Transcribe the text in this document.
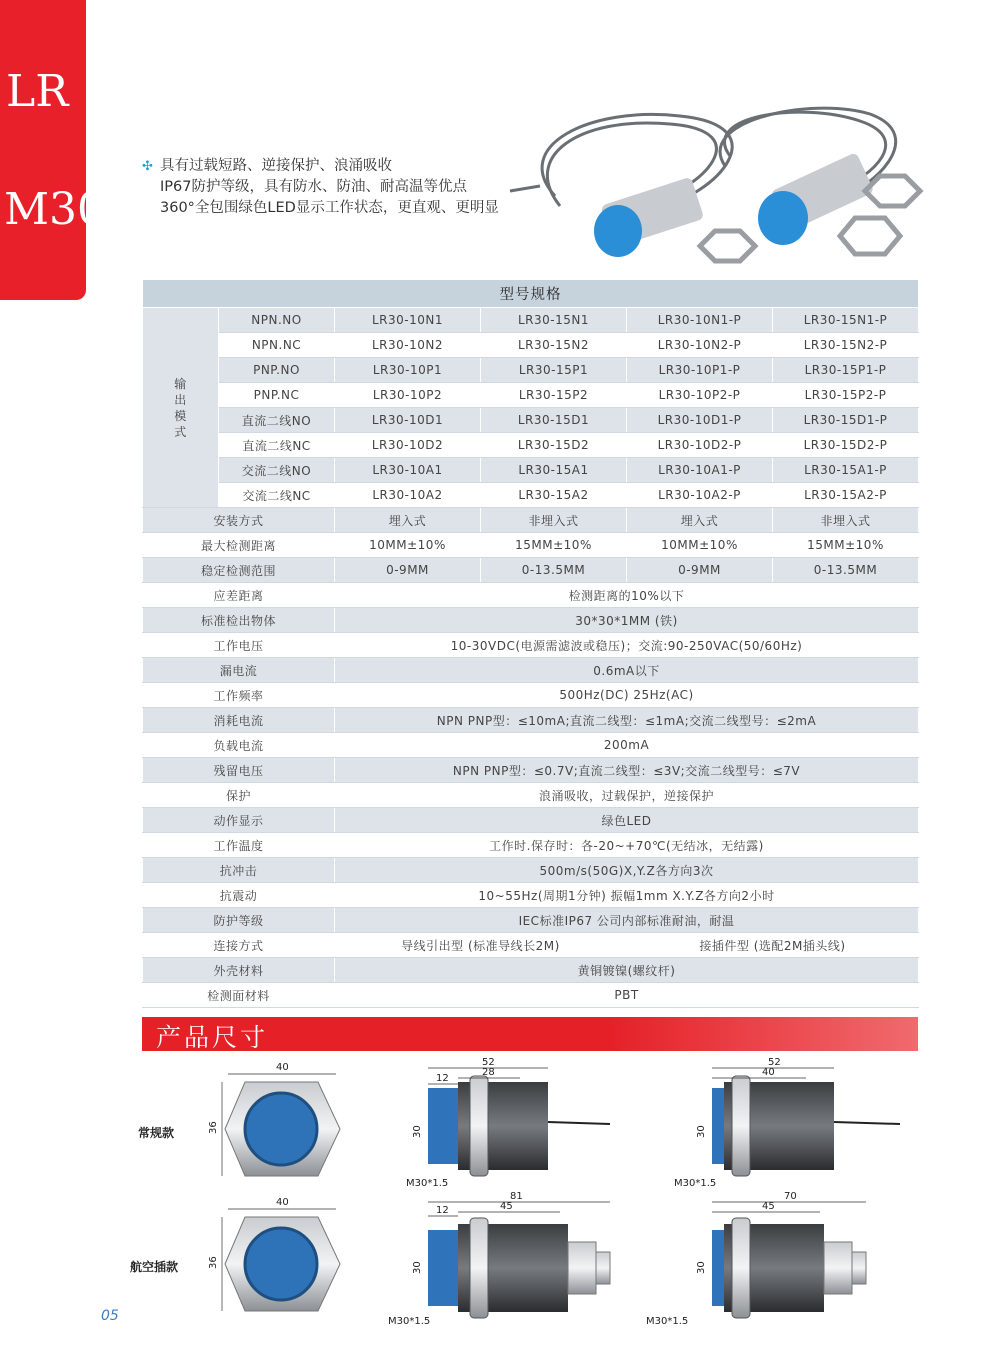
LR
M30
✣ 具有过载短路、逆接保护、浪涌吸收
IP67防护等级，具有防水、防油、耐高温等优点
360°全包围绿色LED显示工作状态，更直观、更明显
型号规格					
输出模式	NPN.NO	LR30-10N1	LR30-15N1	LR30-10N1-P	LR30-15N1-P
	NPN.NC	LR30-10N2	LR30-15N2	LR30-10N2-P	LR30-15N2-P
	PNP.NO	LR30-10P1	LR30-15P1	LR30-10P1-P	LR30-15P1-P
	PNP.NC	LR30-10P2	LR30-15P2	LR30-10P2-P	LR30-15P2-P
	直流二线NO	LR30-10D1	LR30-15D1	LR30-10D1-P	LR30-15D1-P
	直流二线NC	LR30-10D2	LR30-15D2	LR30-10D2-P	LR30-15D2-P
	交流二线NO	LR30-10A1	LR30-15A1	LR30-10A1-P	LR30-15A1-P
	交流二线NC	LR30-10A2	LR30-15A2	LR30-10A2-P	LR30-15A2-P
安装方式		埋入式	非埋入式	埋入式	非埋入式
最大检测距离		10MM±10%	15MM±10%	10MM±10%	15MM±10%
稳定检测范围		0-9MM	0-13.5MM	0-9MM	0-13.5MM
应差距离		检测距离的10%以下			
标准检出物体		30*30*1MM (铁)			
工作电压		10-30VDC(电源需滤波或稳压)；交流:90-250VAC(50/60Hz)			
漏电流		0.6mA以下			
工作频率		500Hz(DC) 25Hz(AC)			
消耗电流		NPN PNP型：≤10mA;直流二线型：≤1mA;交流二线型号：≤2mA			
负载电流		200mA			
残留电压		NPN PNP型：≤0.7V;直流二线型：≤3V;交流二线型号：≤7V			
保护		浪涌吸收，过载保护，逆接保护			
动作显示		绿色LED			
工作温度		工作时.保存时：各-20~+70℃(无结冰，无结露)			
抗冲击		500m/s(50G)X,Y.Z各方向3次			
抗震动		10~55Hz(周期1分钟) 振幅1mm X.Y.Z各方向2小时			
防护等级		IEC标准IP67 公司内部标准耐油，耐温			
连接方式		导线引出型 (标准导线长2M)		接插件型 (选配2M插头线)	
外壳材料		黄铜镀镍(螺纹杆)			
检测面材料		PBT			
产品尺寸
常规款
航空插款
40
36
52
12
28
30
M30*1.5
52
40
30
M30*1.5
40
36
81
12	45
30
M30*1.5
70
45
30
M30*1.5
05
